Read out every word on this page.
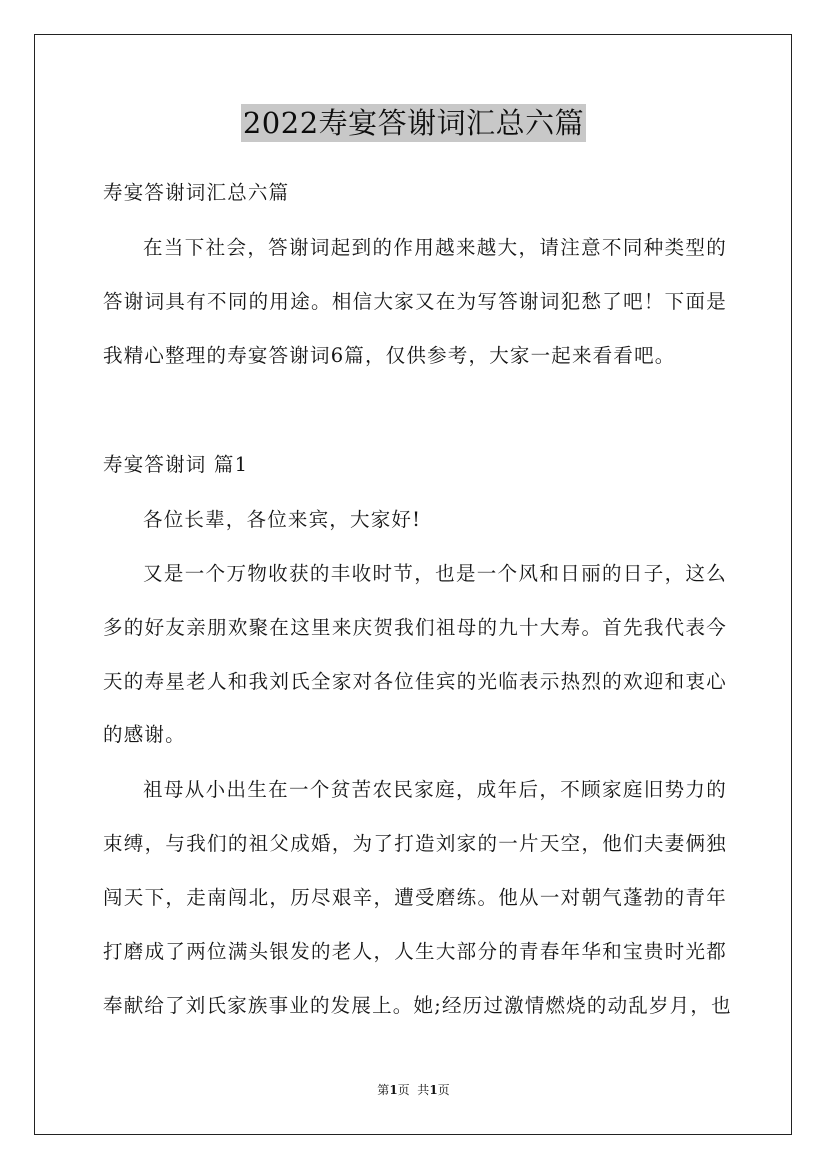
2022寿宴答谢词汇总六篇
寿宴答谢词汇总六篇
在当下社会，答谢词起到的作用越来越大，请注意不同种类型的
答谢词具有不同的用途。相信大家又在为写答谢词犯愁了吧！下面是
我精心整理的寿宴答谢词6篇，仅供参考，大家一起来看看吧。
寿宴答谢词 篇1
各位长辈，各位来宾，大家好!
又是一个万物收获的丰收时节，也是一个风和日丽的日子，这么
多的好友亲朋欢聚在这里来庆贺我们祖母的九十大寿。首先我代表今
天的寿星老人和我刘氏全家对各位佳宾的光临表示热烈的欢迎和衷心
的感谢。
祖母从小出生在一个贫苦农民家庭，成年后，不顾家庭旧势力的
束缚，与我们的祖父成婚，为了打造刘家的一片天空，他们夫妻俩独
闯天下，走南闯北，历尽艰辛，遭受磨练。他从一对朝气蓬勃的青年
打磨成了两位满头银发的老人，人生大部分的青春年华和宝贵时光都
奉献给了刘氏家族事业的发展上。她;经历过激情燃烧的动乱岁月，也
第1页  共1页
